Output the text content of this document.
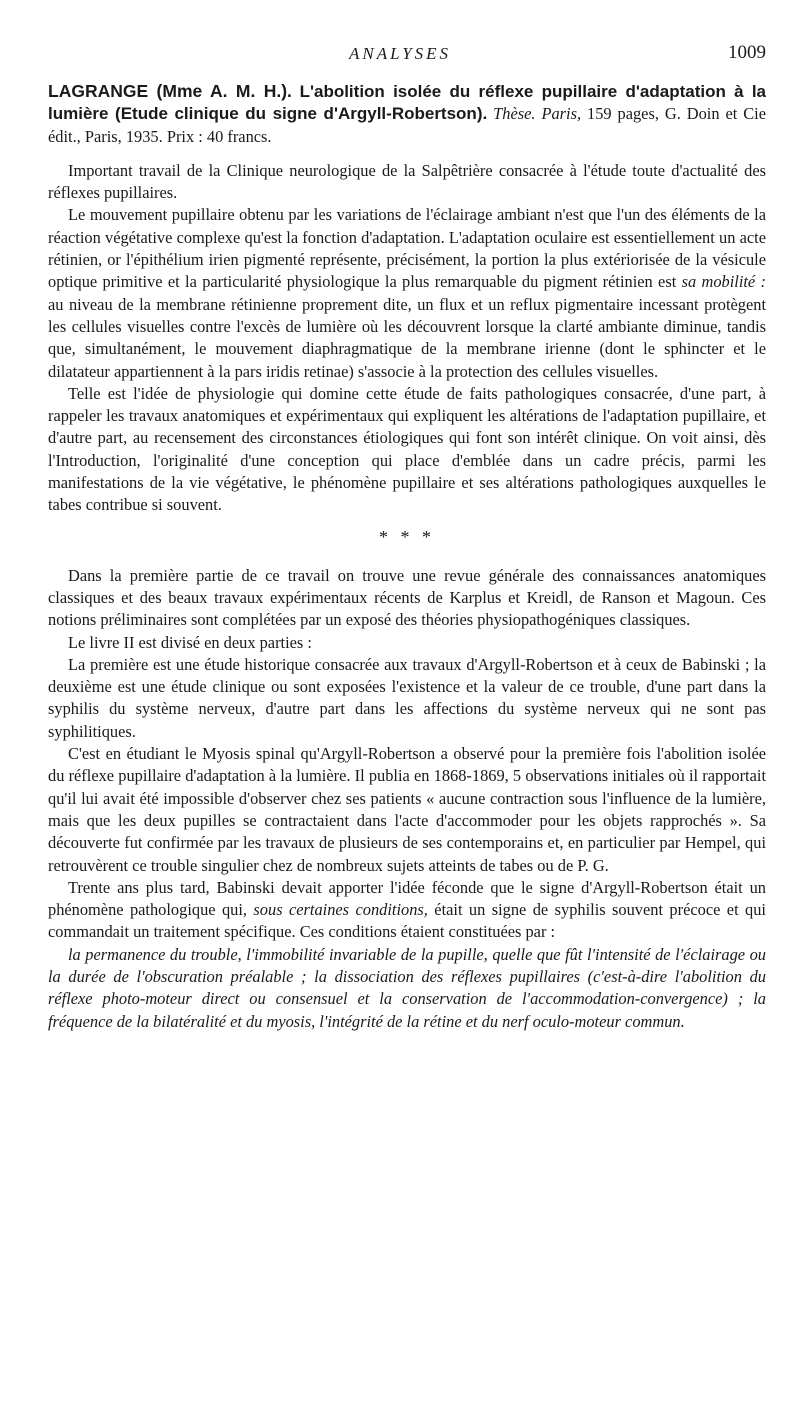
ANALYSES	1009
LAGRANGE (Mme A. M. H.). L'abolition isolée du réflexe pupillaire d'adaptation à la lumière (Etude clinique du signe d'Argyll-Robertson). Thèse. Paris, 159 pages, G. Doin et Cie édit., Paris, 1935. Prix : 40 francs.

Important travail de la Clinique neurologique de la Salpêtrière consacrée à l'étude toute d'actualité des réflexes pupillaires.

Le mouvement pupillaire obtenu par les variations de l'éclairage ambiant n'est que l'un des éléments de la réaction végétative complexe qu'est la fonction d'adaptation. L'adaptation oculaire est essentiellement un acte rétinien, or l'épithélium irien pigmenté représente, précisément, la portion la plus extériorisée de la vésicule optique primitive et la particularité physiologique la plus remarquable du pigment rétinien est sa mobilité : au niveau de la membrane rétinienne proprement dite, un flux et un reflux pigmentaire incessant protègent les cellules visuelles contre l'excès de lumière où les découvrent lorsque la clarté ambiante diminue, tandis que, simultanément, le mouvement diaphragmatique de la membrane irienne (dont le sphincter et le dilatateur appartiennent à la pars iridis retinae) s'associe à la protection des cellules visuelles.

Telle est l'idée de physiologie qui domine cette étude de faits pathologiques consacrée, d'une part, à rappeler les travaux anatomiques et expérimentaux qui expliquent les altérations de l'adaptation pupillaire, et d'autre part, au recensement des circonstances étiologiques qui font son intérêt clinique. On voit ainsi, dès l'Introduction, l'originalité d'une conception qui place d'emblée dans un cadre précis, parmi les manifestations de la vie végétative, le phénomène pupillaire et ses altérations pathologiques auxquelles le tabes contribue si souvent.

* * *

Dans la première partie de ce travail on trouve une revue générale des connaissances anatomiques classiques et des beaux travaux expérimentaux récents de Karplus et Kreidl, de Ranson et Magoun. Ces notions préliminaires sont complétées par un exposé des théories physiopathogéniques classiques.

Le livre II est divisé en deux parties :

La première est une étude historique consacrée aux travaux d'Argyll-Robertson et à ceux de Babinski ; la deuxième est une étude clinique ou sont exposées l'existence et la valeur de ce trouble, d'une part dans la syphilis du système nerveux, d'autre part dans les affections du système nerveux qui ne sont pas syphilitiques.

C'est en étudiant le Myosis spinal qu'Argyll-Robertson a observé pour la première fois l'abolition isolée du réflexe pupillaire d'adaptation à la lumière. Il publia en 1868-1869, 5 observations initiales où il rapportait qu'il lui avait été impossible d'observer chez ses patients « aucune contraction sous l'influence de la lumière, mais que les deux pupilles se contractaient dans l'acte d'accommoder pour les objets rapprochés ». Sa découverte fut confirmée par les travaux de plusieurs de ses contemporains et, en particulier par Hempel, qui retrouvèrent ce trouble singulier chez de nombreux sujets atteints de tabes ou de P. G.

Trente ans plus tard, Babinski devait apporter l'idée féconde que le signe d'Argyll-Robertson était un phénomène pathologique qui, sous certaines conditions, était un signe de syphilis souvent précoce et qui commandait un traitement spécifique. Ces conditions étaient constituées par :

la permanence du trouble, l'immobilité invariable de la pupille, quelle que fût l'intensité de l'éclairage ou la durée de l'obscuration préalable ; la dissociation des réflexes pupillaires (c'est-à-dire l'abolition du réflexe photo-moteur direct ou consensuel et la conservation de l'accommodation-convergence) ; la fréquence de la bilatéralité et du myosis, l'intégrité de la rétine et du nerf oculo-moteur commun.
